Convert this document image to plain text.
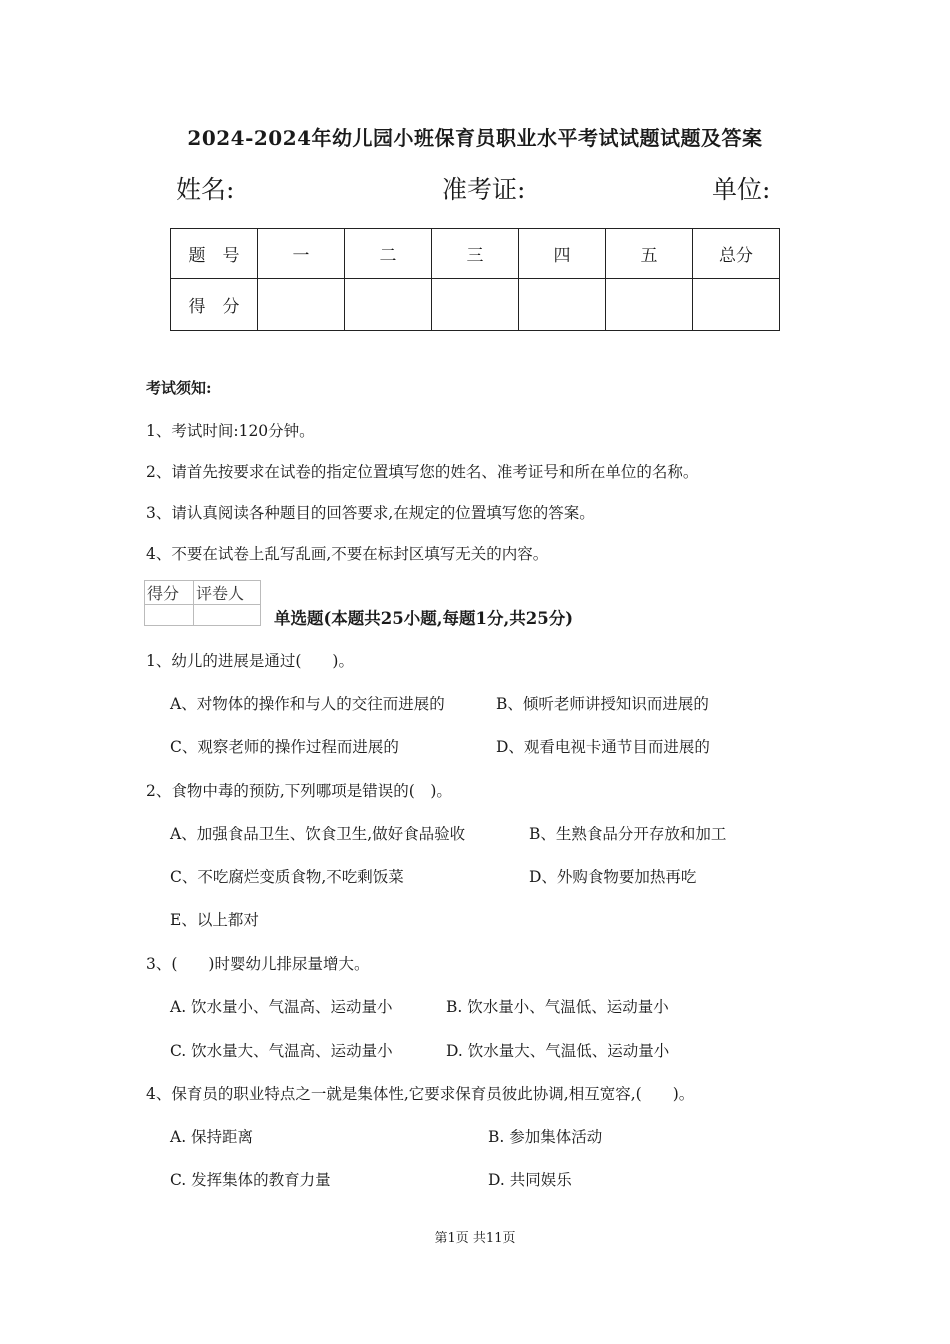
2024-2024年幼儿园小班保育员职业水平考试试题试题及答案
姓名:	准考证:	单位:
题　号	一	二	三	四	五	总分
得　分						
考试须知:
1、考试时间:120分钟。
2、请首先按要求在试卷的指定位置填写您的姓名、准考证号和所在单位的名称。
3、请认真阅读各种题目的回答要求,在规定的位置填写您的答案。
4、不要在试卷上乱写乱画,不要在标封区填写无关的内容。
得分	评卷人

单选题(本题共25小题,每题1分,共25分)
1、幼儿的进展是通过(　　)。
A、对物体的操作和与人的交往而进展的	B、倾听老师讲授知识而进展的
C、观察老师的操作过程而进展的	D、观看电视卡通节目而进展的
2、食物中毒的预防,下列哪项是错误的(　)。
A、加强食品卫生、饮食卫生,做好食品验收	B、生熟食品分开存放和加工
C、不吃腐烂变质食物,不吃剩饭菜	D、外购食物要加热再吃
E、以上都对
3、(　　)时婴幼儿排尿量增大。
A. 饮水量小、气温高、运动量小	B. 饮水量小、气温低、运动量小
C. 饮水量大、气温高、运动量小	D. 饮水量大、气温低、运动量小
4、保育员的职业特点之一就是集体性,它要求保育员彼此协调,相互宽容,(　　)。
A. 保持距离	B. 参加集体活动
C. 发挥集体的教育力量	D. 共同娱乐
第1页 共11页
